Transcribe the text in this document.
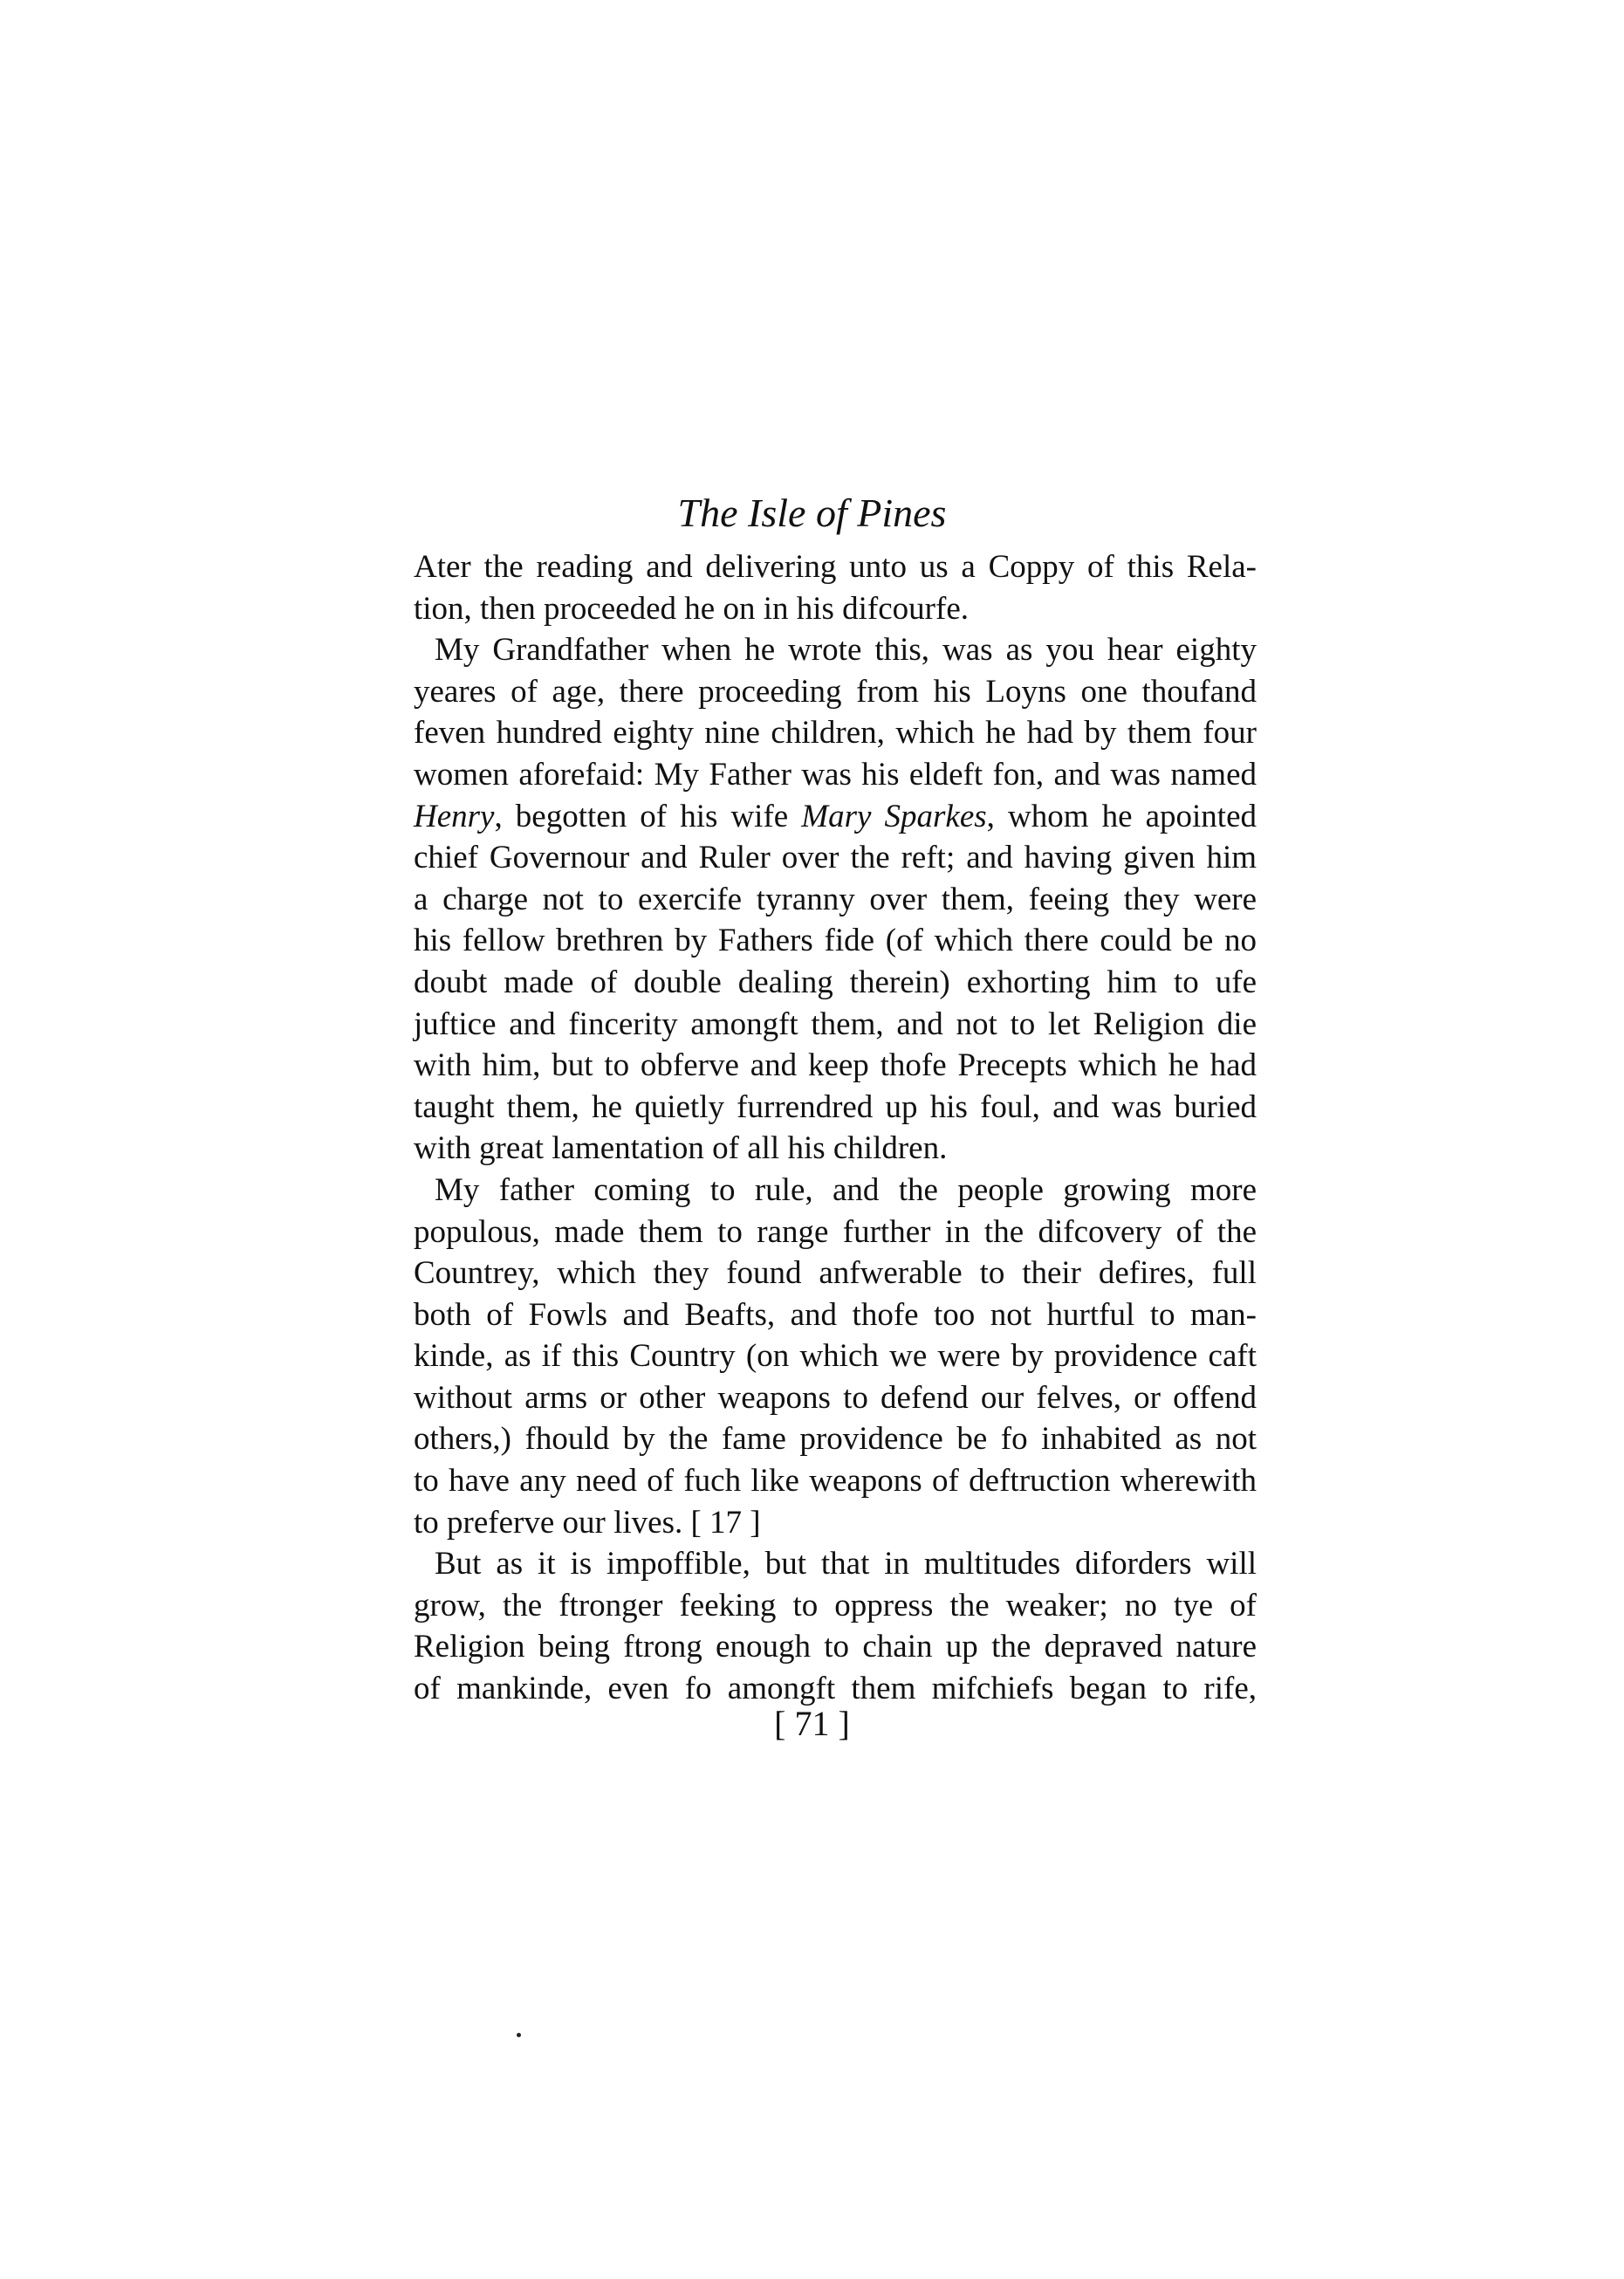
The Isle of Pines
Ater the reading and delivering unto us a Coppy of this Rela-
tion, then proceeded he on in his difcourfe.
My Grandfather when he wrote this, was as you hear eighty
yeares of age, there proceeding from his Loyns one thoufand
feven hundred eighty nine children, which he had by them four
women aforefaid: My Father was his eldeft fon, and was named
Henry, begotten of his wife Mary Sparkes, whom he apointed
chief Governour and Ruler over the reft; and having given him
a charge not to exercife tyranny over them, feeing they were
his fellow brethren by Fathers fide (of which there could be no
doubt made of double dealing therein) exhorting him to ufe
juftice and fincerity amongft them, and not to let Religion die
with him, but to obferve and keep thofe Precepts which he had
taught them, he quietly furrendred up his foul, and was buried
with great lamentation of all his children.
My father coming to rule, and the people growing more
populous, made them to range further in the difcovery of the
Countrey, which they found anfwerable to their defires, full
both of Fowls and Beafts, and thofe too not hurtful to man-
kinde, as if this Country (on which we were by providence caft
without arms or other weapons to defend our felves, or offend
others,) fhould by the fame providence be fo inhabited as not
to have any need of fuch like weapons of deftruction wherewith
to preferve our lives. [ 17 ]
But as it is impoffible, but that in multitudes diforders will
grow, the ftronger feeking to oppress the weaker; no tye of
Religion being ftrong enough to chain up the depraved nature
of mankinde, even fo amongft them mifchiefs began to rife,
[ 71 ]
